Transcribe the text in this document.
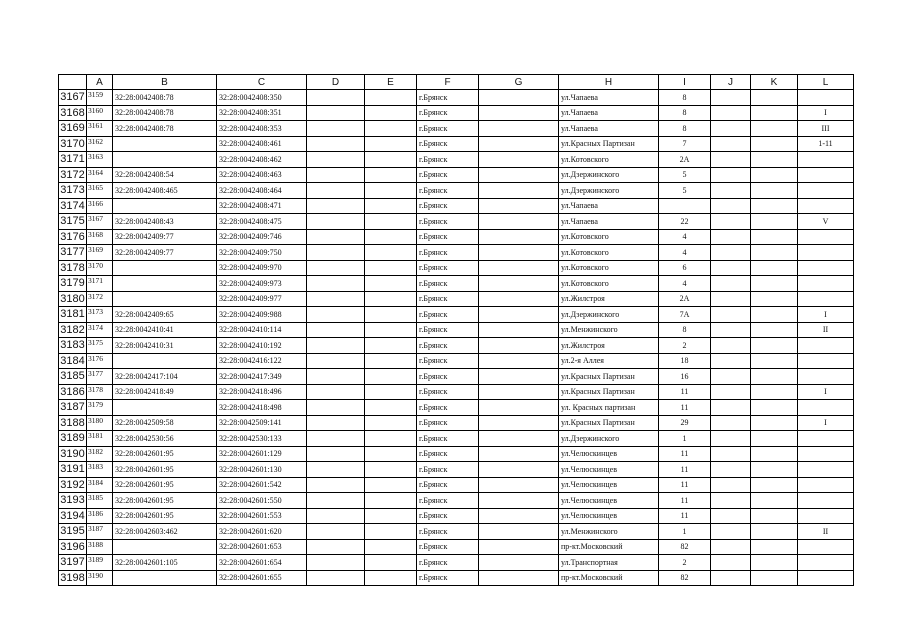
	A	B	C	D	E	F	G	H	I	J	K	L
3167	3159	32:28:0042408:78	32:28:0042408:350			г.Брянск		ул.Чапаева	8			
3168	3160	32:28:0042408:78	32:28:0042408:351			г.Брянск		ул.Чапаева	8			I
3169	3161	32:28:0042408:78	32:28:0042408:353			г.Брянск		ул.Чапаева	8			III
3170	3162		32:28:0042408:461			г.Брянск		ул.Красных Партизан	7			1-11
3171	3163		32:28:0042408:462			г.Брянск		ул.Котовского	2А			
3172	3164	32:28:0042408:54	32:28:0042408:463			г.Брянск		ул.Дзержинского	5			
3173	3165	32:28:0042408:465	32:28:0042408:464			г.Брянск		ул.Дзержинского	5			
3174	3166		32:28:0042408:471			г.Брянск		ул.Чапаева				
3175	3167	32:28:0042408:43	32:28:0042408:475			г.Брянск		ул.Чапаева	22			V
3176	3168	32:28:0042409:77	32:28:0042409:746			г.Брянск		ул.Котовского	4			
3177	3169	32:28:0042409:77	32:28:0042409:750			г.Брянск		ул.Котовского	4			
3178	3170		32:28:0042409:970			г.Брянск		ул.Котовского	6			
3179	3171		32:28:0042409:973			г.Брянск		ул.Котовского	4			
3180	3172		32:28:0042409:977			г.Брянск		ул.Жилстроя	2А			
3181	3173	32:28:0042409:65	32:28:0042409:988			г.Брянск		ул.Дзержинского	7А			I
3182	3174	32:28:0042410:41	32:28:0042410:114			г.Брянск		ул.Менжинского	8			II
3183	3175	32:28:0042410:31	32:28:0042410:192			г.Брянск		ул.Жилстроя	2			
3184	3176		32:28:0042416:122			г.Брянск		ул.2-я Аллея	18			
3185	3177	32:28:0042417:104	32:28:0042417:349			г.Брянск		ул.Красных Партизан	16			
3186	3178	32:28:0042418:49	32:28:0042418:496			г.Брянск		ул.Красных Партизан	11			I
3187	3179		32:28:0042418:498			г.Брянск		ул. Красных партизан	11			
3188	3180	32:28:0042509:58	32:28:0042509:141			г.Брянск		ул.Красных Партизан	29			I
3189	3181	32:28:0042530:56	32:28:0042530:133			г.Брянск		ул.Дзержинского	1			
3190	3182	32:28:0042601:95	32:28:0042601:129			г.Брянск		ул.Челюскинцев	11			
3191	3183	32:28:0042601:95	32:28:0042601:130			г.Брянск		ул.Челюскинцев	11			
3192	3184	32:28:0042601:95	32:28:0042601:542			г.Брянск		ул.Челюскинцев	11			
3193	3185	32:28:0042601:95	32:28:0042601:550			г.Брянск		ул.Челюскинцев	11			
3194	3186	32:28:0042601:95	32:28:0042601:553			г.Брянск		ул.Челюскинцев	11			
3195	3187	32:28:0042603:462	32:28:0042601:620			г.Брянск		ул.Менжинского	1			II
3196	3188		32:28:0042601:653			г.Брянск		пр-кт.Московский	82			
3197	3189	32:28:0042601:105	32:28:0042601:654			г.Брянск		ул.Транспортная	2			
3198	3190		32:28:0042601:655			г.Брянск		пр-кт.Московский	82			
